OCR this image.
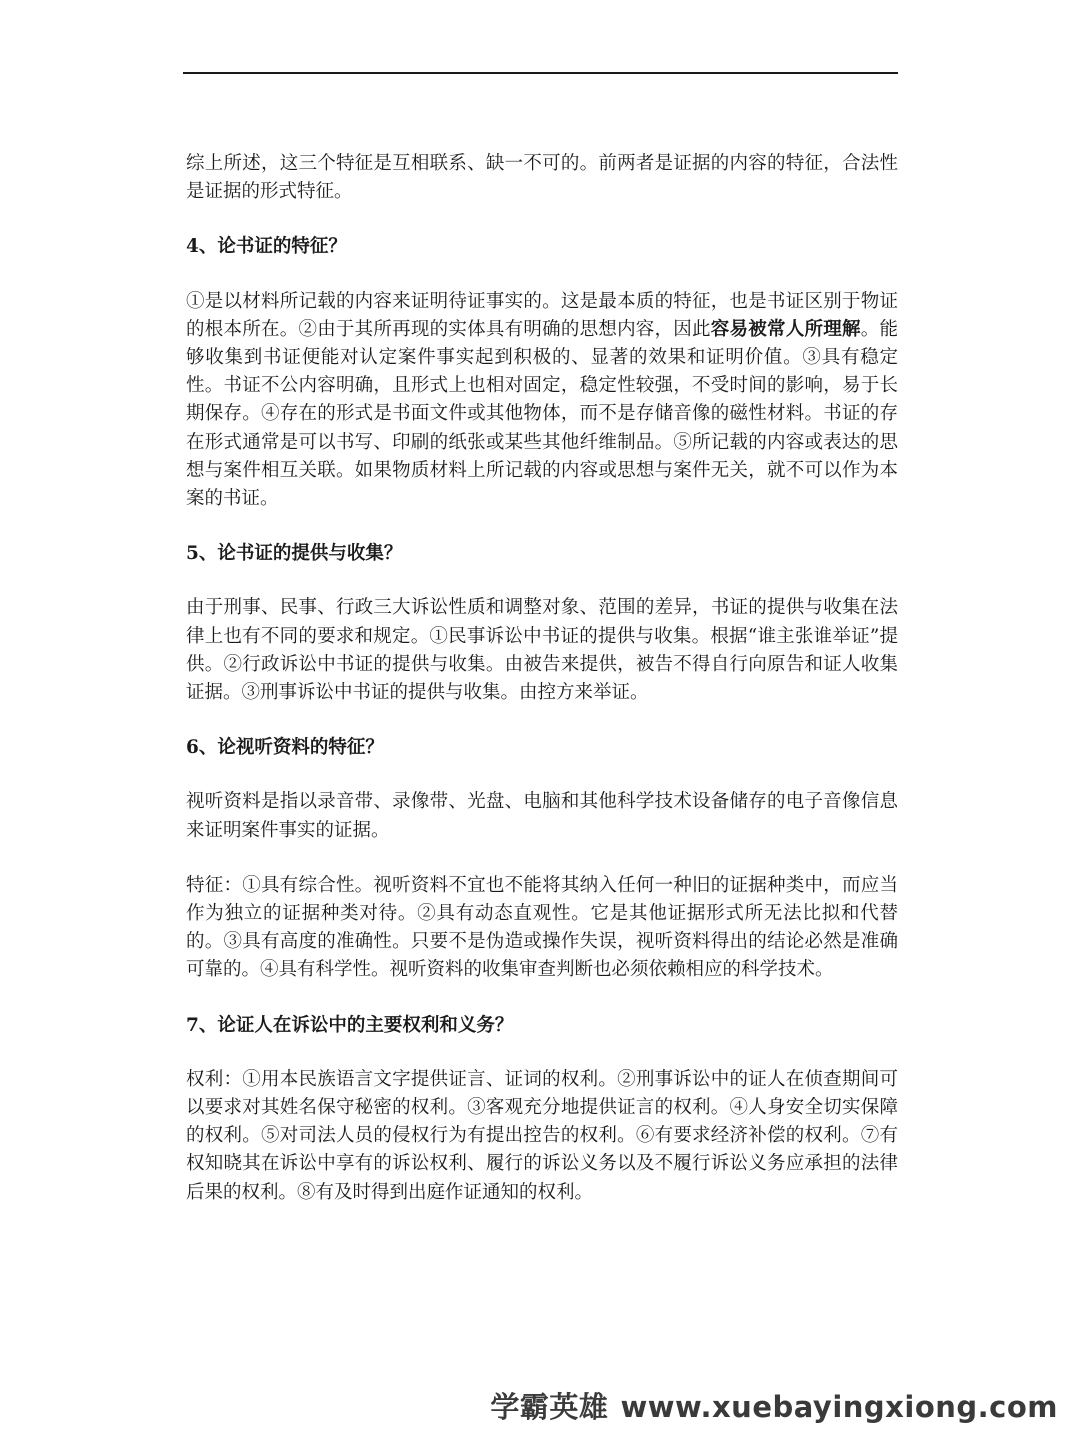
综上所述，这三个特征是互相联系、缺一不可的。前两者是证据的内容的特征，合法性是证据的形式特征。

4、论书证的特征？

①是以材料所记载的内容来证明待证事实的。这是最本质的特征，也是书证区别于物证的根本所在。②由于其所再现的实体具有明确的思想内容，因此容易被常人所理解。能够收集到书证便能对认定案件事实起到积极的、显著的效果和证明价值。③具有稳定性。书证不公内容明确，且形式上也相对固定，稳定性较强，不受时间的影响，易于长期保存。④存在的形式是书面文件或其他物体，而不是存储音像的磁性材料。书证的存在形式通常是可以书写、印刷的纸张或某些其他纤维制品。⑤所记载的内容或表达的思想与案件相互关联。如果物质材料上所记载的内容或思想与案件无关，就不可以作为本案的书证。

5、论书证的提供与收集？

由于刑事、民事、行政三大诉讼性质和调整对象、范围的差异，书证的提供与收集在法律上也有不同的要求和规定。①民事诉讼中书证的提供与收集。根据“谁主张谁举证”提供。②行政诉讼中书证的提供与收集。由被告来提供，被告不得自行向原告和证人收集证据。③刑事诉讼中书证的提供与收集。由控方来举证。

6、论视听资料的特征？

视听资料是指以录音带、录像带、光盘、电脑和其他科学技术设备储存的电子音像信息来证明案件事实的证据。

特征：①具有综合性。视听资料不宜也不能将其纳入任何一种旧的证据种类中，而应当作为独立的证据种类对待。②具有动态直观性。它是其他证据形式所无法比拟和代替的。③具有高度的准确性。只要不是伪造或操作失误，视听资料得出的结论必然是准确可靠的。④具有科学性。视听资料的收集审查判断也必须依赖相应的科学技术。

7、论证人在诉讼中的主要权利和义务？

权利：①用本民族语言文字提供证言、证词的权利。②刑事诉讼中的证人在侦查期间可以要求对其姓名保守秘密的权利。③客观充分地提供证言的权利。④人身安全切实保障的权利。⑤对司法人员的侵权行为有提出控告的权利。⑥有要求经济补偿的权利。⑦有权知晓其在诉讼中享有的诉讼权利、履行的诉讼义务以及不履行诉讼义务应承担的法律后果的权利。⑧有及时得到出庭作证通知的权利。

学霸英雄 www.xuebayingxiong.com
